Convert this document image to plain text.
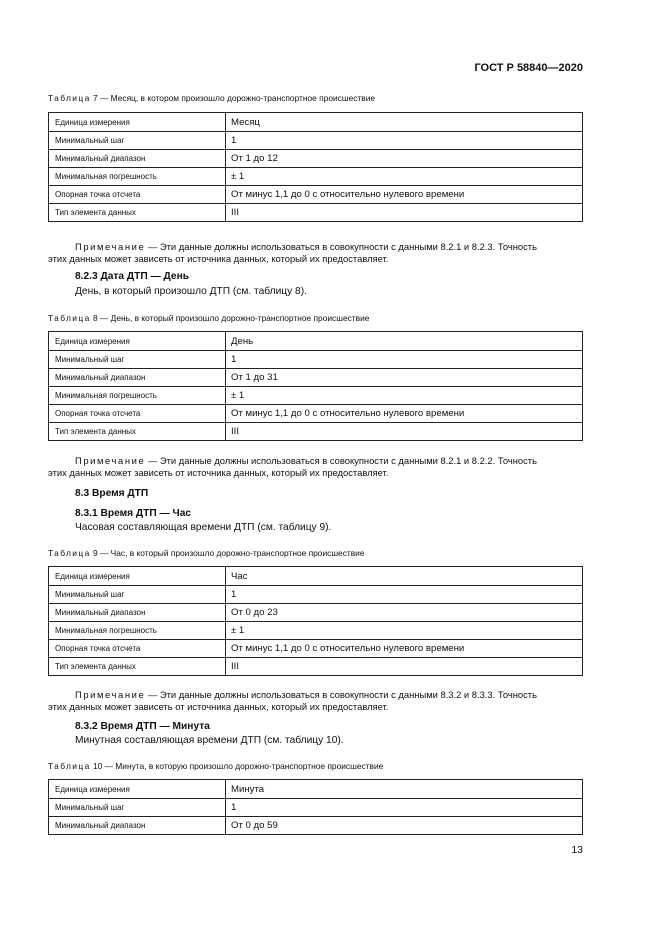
ГОСТ Р 58840—2020
Таблица 7 — Месяц, в котором произошло дорожно-транспортное происшествие
Единица измерения	Месяц
Минимальный шаг	1
Минимальный диапазон	От 1 до 12
Минимальная погрешность	± 1
Опорная точка отсчета	От минус 1,1 до 0 с относительно нулевого времени
Тип элемента данных	III
Примечание — Эти данные должны использоваться в совокупности с данными 8.2.1 и 8.2.3. Точность
этих данных может зависеть от источника данных, который их предоставляет.
8.2.3 Дата ДТП — День
День, в который произошло ДТП (см. таблицу 8).
Таблица 8 — День, в который произошло дорожно-транспортное происшествие
Единица измерения	День
Минимальный шаг	1
Минимальный диапазон	От 1 до 31
Минимальная погрешность	± 1
Опорная точка отсчета	От минус 1,1 до 0 с относительно нулевого времени
Тип элемента данных	III
Примечание — Эти данные должны использоваться в совокупности с данными 8.2.1 и 8.2.2. Точность
этих данных может зависеть от источника данных, который их предоставляет.
8.3 Время ДТП
8.3.1 Время ДТП — Час
Часовая составляющая времени ДТП (см. таблицу 9).
Таблица 9 — Час, в который произошло дорожно-транспортное происшествие
Единица измерения	Час
Минимальный шаг	1
Минимальный диапазон	От 0 до 23
Минимальная погрешность	± 1
Опорная точка отсчета	От минус 1,1 до 0 с относительно нулевого времени
Тип элемента данных	III
Примечание — Эти данные должны использоваться в совокупности с данными 8.3.2 и 8.3.3. Точность
этих данных может зависеть от источника данных, который их предоставляет.
8.3.2 Время ДТП — Минута
Минутная составляющая времени ДТП (см. таблицу 10).
Таблица 10 — Минута, в которую произошло дорожно-транспортное происшествие
Единица измерения	Минута
Минимальный шаг	1
Минимальный диапазон	От 0 до 59
13
